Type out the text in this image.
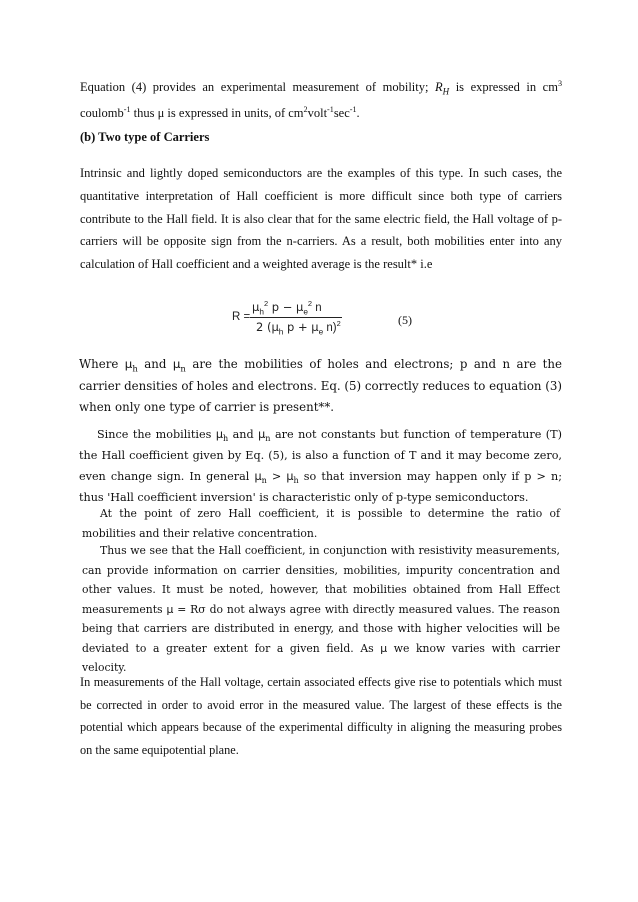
Equation (4) provides an experimental measurement of mobility; $R_H$ is expressed in $cm^3$ coulomb$^{-1}$ thus μ is expressed in units, of $cm^2volt^{-1}\sec^{-1}$.
(b) Two type of Carriers
Intrinsic and lightly doped semiconductors are the examples of this type. In such cases, the quantitative interpretation of Hall coefficient is more difficult since both type of carriers contribute to the Hall field. It is also clear that for the same electric field, the Hall voltage of p-carriers will be opposite sign from the n-carriers. As a result, both mobilities enter into any calculation of Hall coefficient and a weighted average is the result* i.e
R =
$\mu_h^2$ $p - \mu_e^2$ n
2 ($\mu_h$ $p + \mu_e$ n)$^2$	(5)
Where $\mu_h$ and $\mu_n$ are the mobilities of holes and electrons; p and n are the carrier densities of holes and electrons. Eq. (5) correctly reduces to equation (3) when only one type of carrier is present**.
Since the mobilities $\mu_h$ and $\mu_n$ are not constants but function of temperature (T) the Hall coefficient given by Eq. (5), is also a function of T and it may become zero, even change sign. In general $\mu_n > \mu_h$ so that inversion may happen only if p > n; thus 'Hall coefficient inversion' is characteristic only of p-type semiconductors.
At the point of zero Hall coefficient, it is possible to determine the ratio of mobilities and their relative concentration.
Thus we see that the Hall coefficient, in conjunction with resistivity measurements, can provide information on carrier densities, mobilities, impurity concentration and other values. It must be noted, however, that mobilities obtained from Hall Effect measurements μ = Rσ do not always agree with directly measured values. The reason being that carriers are distributed in energy, and those with higher velocities will be deviated to a greater extent for a given field. As μ we know varies with carrier velocity.
In measurements of the Hall voltage, certain associated effects give rise to potentials which must be corrected in order to avoid error in the measured value. The largest of these effects is the potential which appears because of the experimental difficulty in aligning the measuring probes on the same equipotential plane.
